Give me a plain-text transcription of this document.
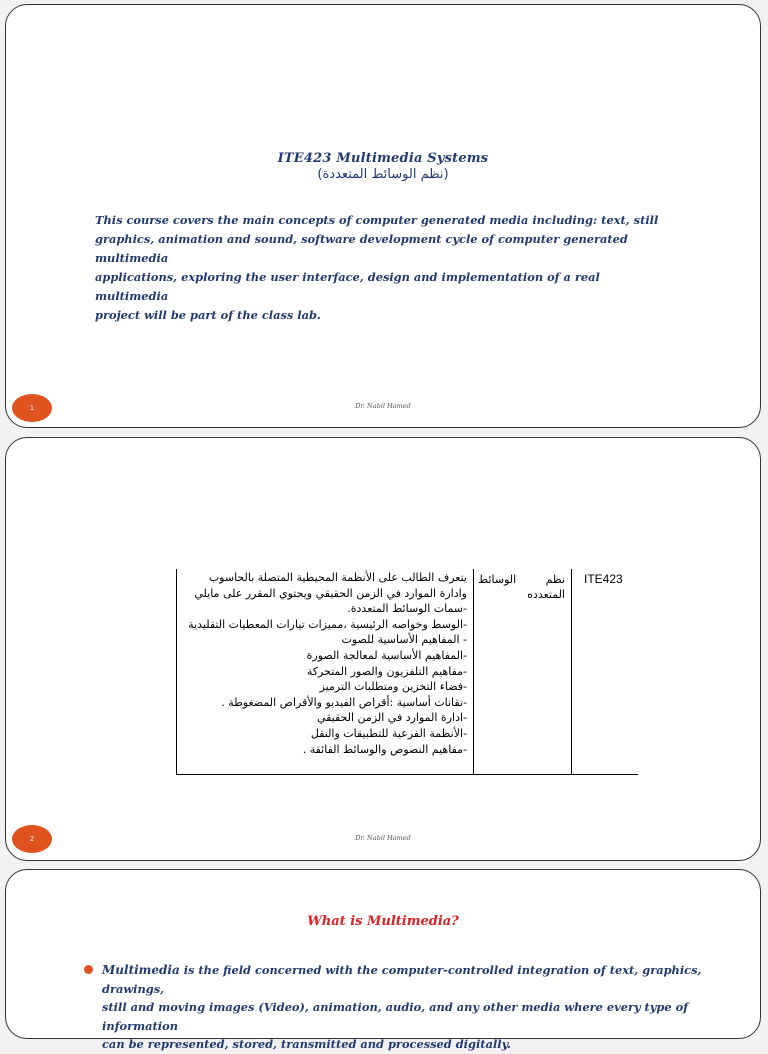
ITE423 Multimedia Systems
(نظم الوسائط المتعددة)
This course covers the main concepts of computer generated media including: text, still
graphics, animation and sound, software development cycle of computer generated multimedia
applications, exploring the user interface, design and implementation of a real multimedia
project will be part of the class lab.
1	Dr. Nabil Hamed
يتعرف الطالب على الأنظمة المحيطية المتصلة بالحاسوب
وادارة الموارد في الزمن الحقيقي ويحتوي المقرر على مايلي
-سمات الوسائط المتعددة.
-الوسط وخواصه الرئيسية ،مميزات تيارات المعطيات التقليدية
- المفاهيم الأساسية للصوت
-المفاهيم الأساسية لمعالجة الصورة
-مفاهيم التلفزيون والصور المتحركة
-فضاء التخزين ومتطلبات الترميز
-تقانات أساسية :أقراص الفيديو والأقراص المضغوطة .
-ادارة الموارد في الزمن الحقيقي
-الأنظمة الفرعية للتطبيقات والنقل
-مفاهيم النصوص والوسائط الفائقة .
نظم
الوسائط
المتعدده
ITE423
2	Dr. Nabil Hamed
What is Multimedia?
Multimedia is the field concerned with the computer-controlled integration of text, graphics, drawings,
still and moving images (Video), animation, audio, and any other media where every type of information
can be represented, stored, transmitted and processed digitally.
